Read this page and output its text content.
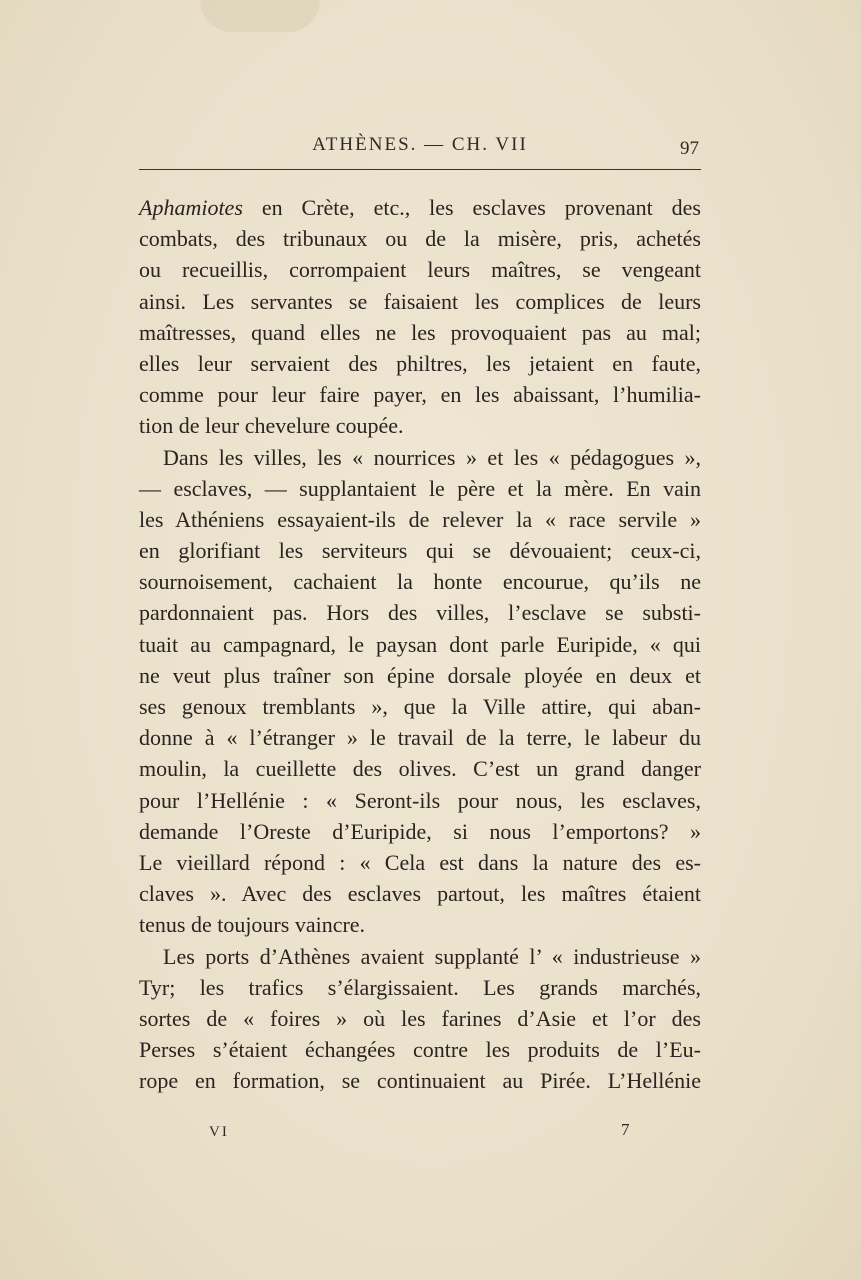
ATHÈNES. — CH. VII	97
Aphamiotes en Crète, etc., les esclaves provenant des
combats, des tribunaux ou de la misère, pris, achetés
ou recueillis, corrompaient leurs maîtres, se vengeant
ainsi. Les servantes se faisaient les complices de leurs
maîtresses, quand elles ne les provoquaient pas au mal;
elles leur servaient des philtres, les jetaient en faute,
comme pour leur faire payer, en les abaissant, l’humilia-
tion de leur chevelure coupée.
Dans les villes, les « nourrices » et les « pédagogues »,
— esclaves, — supplantaient le père et la mère. En vain
les Athéniens essayaient-ils de relever la « race servile »
en glorifiant les serviteurs qui se dévouaient; ceux-ci,
sournoisement, cachaient la honte encourue, qu’ils ne
pardonnaient pas. Hors des villes, l’esclave se substi-
tuait au campagnard, le paysan dont parle Euripide, « qui
ne veut plus traîner son épine dorsale ployée en deux et
ses genoux tremblants », que la Ville attire, qui aban-
donne à « l’étranger » le travail de la terre, le labeur du
moulin, la cueillette des olives. C’est un grand danger
pour l’Hellénie : « Seront-ils pour nous, les esclaves,
demande l’Oreste d’Euripide, si nous l’emportons? »
Le vieillard répond : « Cela est dans la nature des es-
claves ». Avec des esclaves partout, les maîtres étaient
tenus de toujours vaincre.
Les ports d’Athènes avaient supplanté l’ « industrieuse »
Tyr; les trafics s’élargissaient. Les grands marchés,
sortes de « foires » où les farines d’Asie et l’or des
Perses s’étaient échangées contre les produits de l’Eu-
rope en formation, se continuaient au Pirée. L’Hellénie
VI	7
